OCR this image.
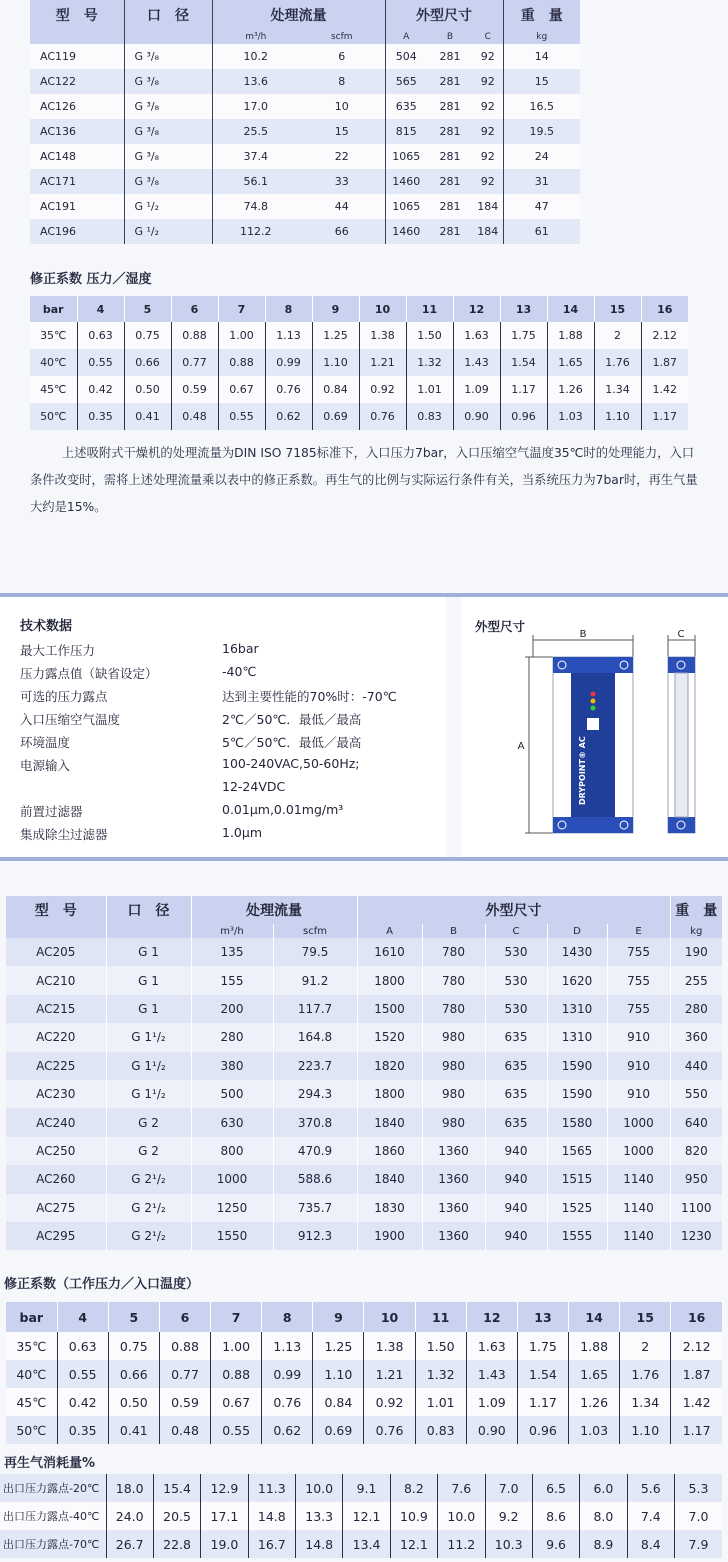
型　号	口　径	处理流量		外型尺寸			重　量
		m³/h	scfm	A	B	C	kg
AC119	G ³/₈	10.2	6	504	281	92	14
AC122	G ³/₈	13.6	8	565	281	92	15
AC126	G ³/₈	17.0	10	635	281	92	16.5
AC136	G ³/₈	25.5	15	815	281	92	19.5
AC148	G ³/₈	37.4	22	1065	281	92	24
AC171	G ³/₈	56.1	33	1460	281	92	31
AC191	G ¹/₂	74.8	44	1065	281	184	47
AC196	G ¹/₂	112.2	66	1460	281	184	61
修正系数 压力／湿度
bar	4	5	6	7	8	9	10	11	12	13	14	15	16
35℃	0.63	0.75	0.88	1.00	1.13	1.25	1.38	1.50	1.63	1.75	1.88	2	2.12
40℃	0.55	0.66	0.77	0.88	0.99	1.10	1.21	1.32	1.43	1.54	1.65	1.76	1.87
45℃	0.42	0.50	0.59	0.67	0.76	0.84	0.92	1.01	1.09	1.17	1.26	1.34	1.42
50℃	0.35	0.41	0.48	0.55	0.62	0.69	0.76	0.83	0.90	0.96	1.03	1.10	1.17

上述吸附式干燥机的处理流量为DIN ISO 7185标准下，入口压力7bar，入口压缩空气温度35℃时的处理能力，入口条件改变时，需将上述处理流量乘以表中的修正系数。再生气的比例与实际运行条件有关，当系统压力为7bar时，再生气量大约是15%。

技术数据
最大工作压力	16bar
压力露点值（缺省设定）	-40℃
可选的压力露点	达到主要性能的70%时：-70℃
入口压缩空气温度	2℃／50℃．最低／最高
环境温度	5℃／50℃．最低／最高
电源输入	100-240VAC,50-60Hz;
12-24VDC
前置过滤器	0.01μm,0.01mg/m³
集成除尘过滤器	1.0μm
外型尺寸
B
A	DRYPOINT® AC
C
型　号	口　径	处理流量		外型尺寸					重　量
		m³/h	scfm	A	B	C	D	E	kg
AC205	G 1	135	79.5	1610	780	530	1430	755	190
AC210	G 1	155	91.2	1800	780	530	1620	755	255
AC215	G 1	200	117.7	1500	780	530	1310	755	280
AC220	G 1¹/₂	280	164.8	1520	980	635	1310	910	360
AC225	G 1¹/₂	380	223.7	1820	980	635	1590	910	440
AC230	G 1¹/₂	500	294.3	1800	980	635	1590	910	550
AC240	G 2	630	370.8	1840	980	635	1580	1000	640
AC250	G 2	800	470.9	1860	1360	940	1565	1000	820
AC260	G 2¹/₂	1000	588.6	1840	1360	940	1515	1140	950
AC275	G 2¹/₂	1250	735.7	1830	1360	940	1525	1140	1100
AC295	G 2¹/₂	1550	912.3	1900	1360	940	1555	1140	1230
修正系数（工作压力／入口温度）
bar	4	5	6	7	8	9	10	11	12	13	14	15	16
35℃	0.63	0.75	0.88	1.00	1.13	1.25	1.38	1.50	1.63	1.75	1.88	2	2.12
40℃	0.55	0.66	0.77	0.88	0.99	1.10	1.21	1.32	1.43	1.54	1.65	1.76	1.87
45℃	0.42	0.50	0.59	0.67	0.76	0.84	0.92	1.01	1.09	1.17	1.26	1.34	1.42
50℃	0.35	0.41	0.48	0.55	0.62	0.69	0.76	0.83	0.90	0.96	1.03	1.10	1.17
再生气消耗量%
出口压力露点-20℃	18.0	15.4	12.9	11.3	10.0	9.1	8.2	7.6	7.0	6.5	6.0	5.6	5.3
出口压力露点-40℃	24.0	20.5	17.1	14.8	13.3	12.1	10.9	10.0	9.2	8.6	8.0	7.4	7.0
出口压力露点-70℃	26.7	22.8	19.0	16.7	14.8	13.4	12.1	11.2	10.3	9.6	8.9	8.4	7.9
